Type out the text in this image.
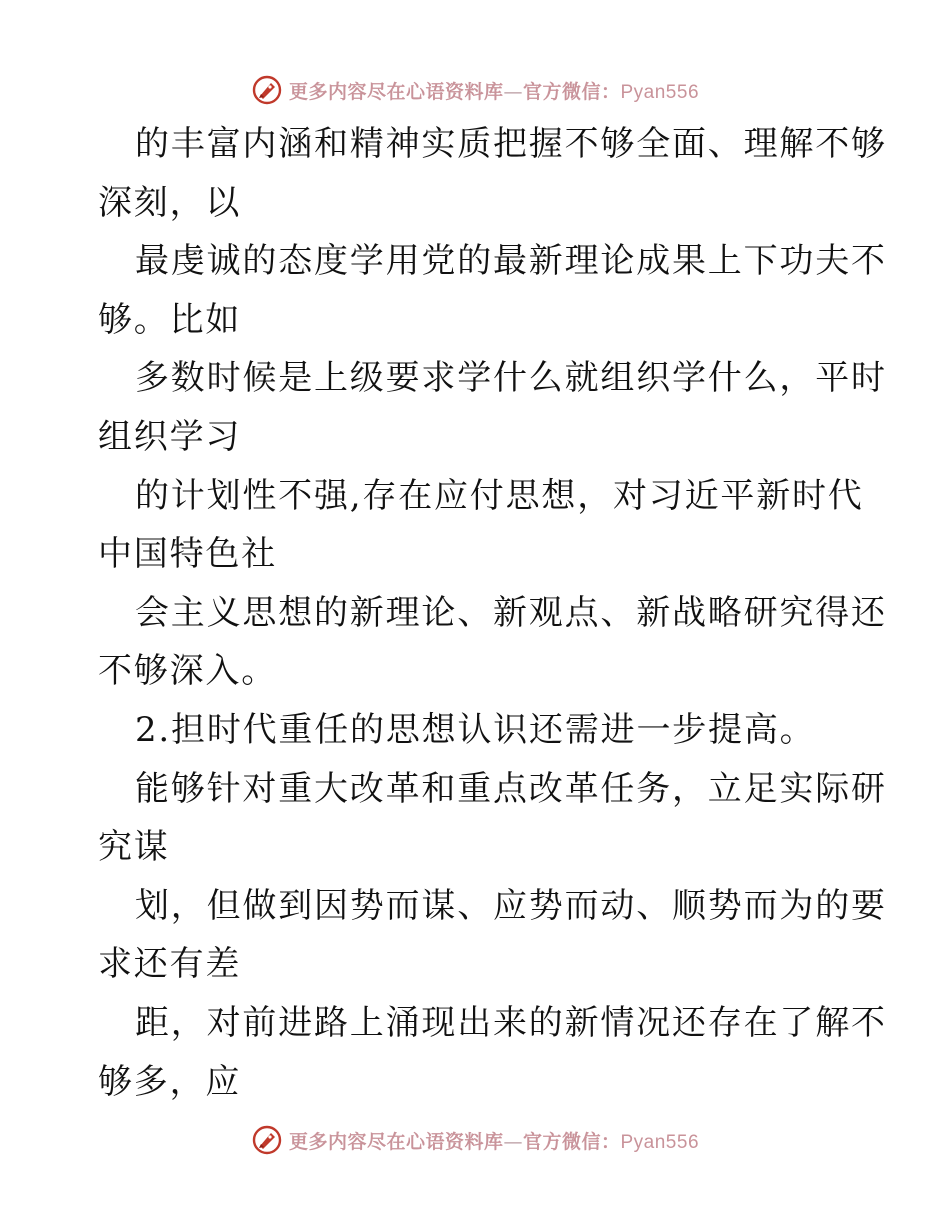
更多内容尽在心语资料库—官方微信：Pyan556
的丰富内涵和精神实质把握不够全面、理解不够
深刻，以
最虔诚的态度学用党的最新理论成果上下功夫不
够。比如
多数时候是上级要求学什么就组织学什么，平时
组织学习
的计划性不强,存在应付思想，对习近平新时代
中国特色社
会主义思想的新理论、新观点、新战略研究得还
不够深入。
2.担时代重任的思想认识还需进一步提高。
能够针对重大改革和重点改革任务，立足实际研
究谋
划，但做到因势而谋、应势而动、顺势而为的要
求还有差
距，对前进路上涌现出来的新情况还存在了解不
够多，应
更多内容尽在心语资料库—官方微信：Pyan556
